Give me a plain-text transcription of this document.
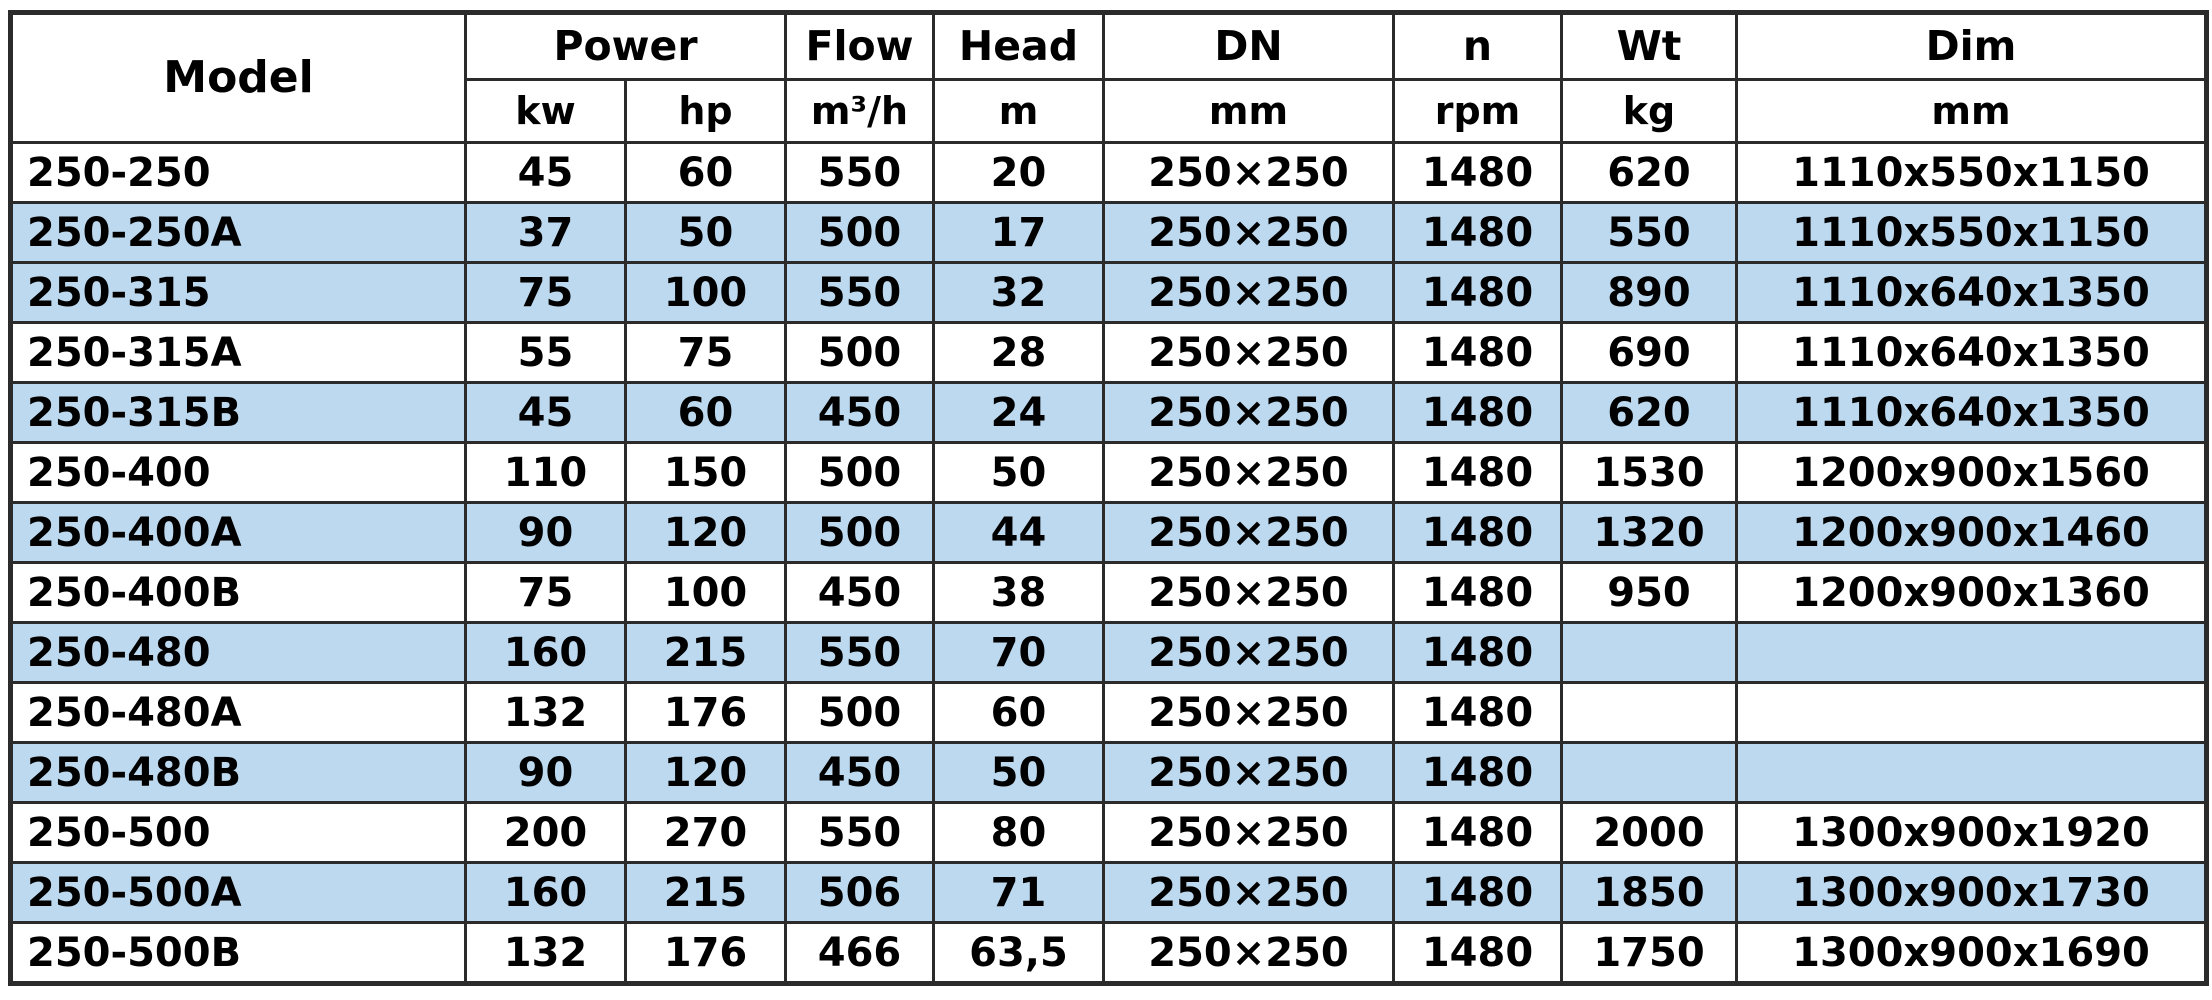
Model	Power		Flow	Head	DN	n	Wt	Dim
	kw	hp	m³/h	m	mm	rpm	kg	mm
250-250	45	60	550	20	250×250	1480	620	1110x550x1150
250-250A	37	50	500	17	250×250	1480	550	1110x550x1150
250-315	75	100	550	32	250×250	1480	890	1110x640x1350
250-315A	55	75	500	28	250×250	1480	690	1110x640x1350
250-315B	45	60	450	24	250×250	1480	620	1110x640x1350
250-400	110	150	500	50	250×250	1480	1530	1200x900x1560
250-400A	90	120	500	44	250×250	1480	1320	1200x900x1460
250-400B	75	100	450	38	250×250	1480	950	1200x900x1360
250-480	160	215	550	70	250×250	1480		
250-480A	132	176	500	60	250×250	1480		
250-480B	90	120	450	50	250×250	1480		
250-500	200	270	550	80	250×250	1480	2000	1300x900x1920
250-500A	160	215	506	71	250×250	1480	1850	1300x900x1730
250-500B	132	176	466	63,5	250×250	1480	1750	1300x900x1690
